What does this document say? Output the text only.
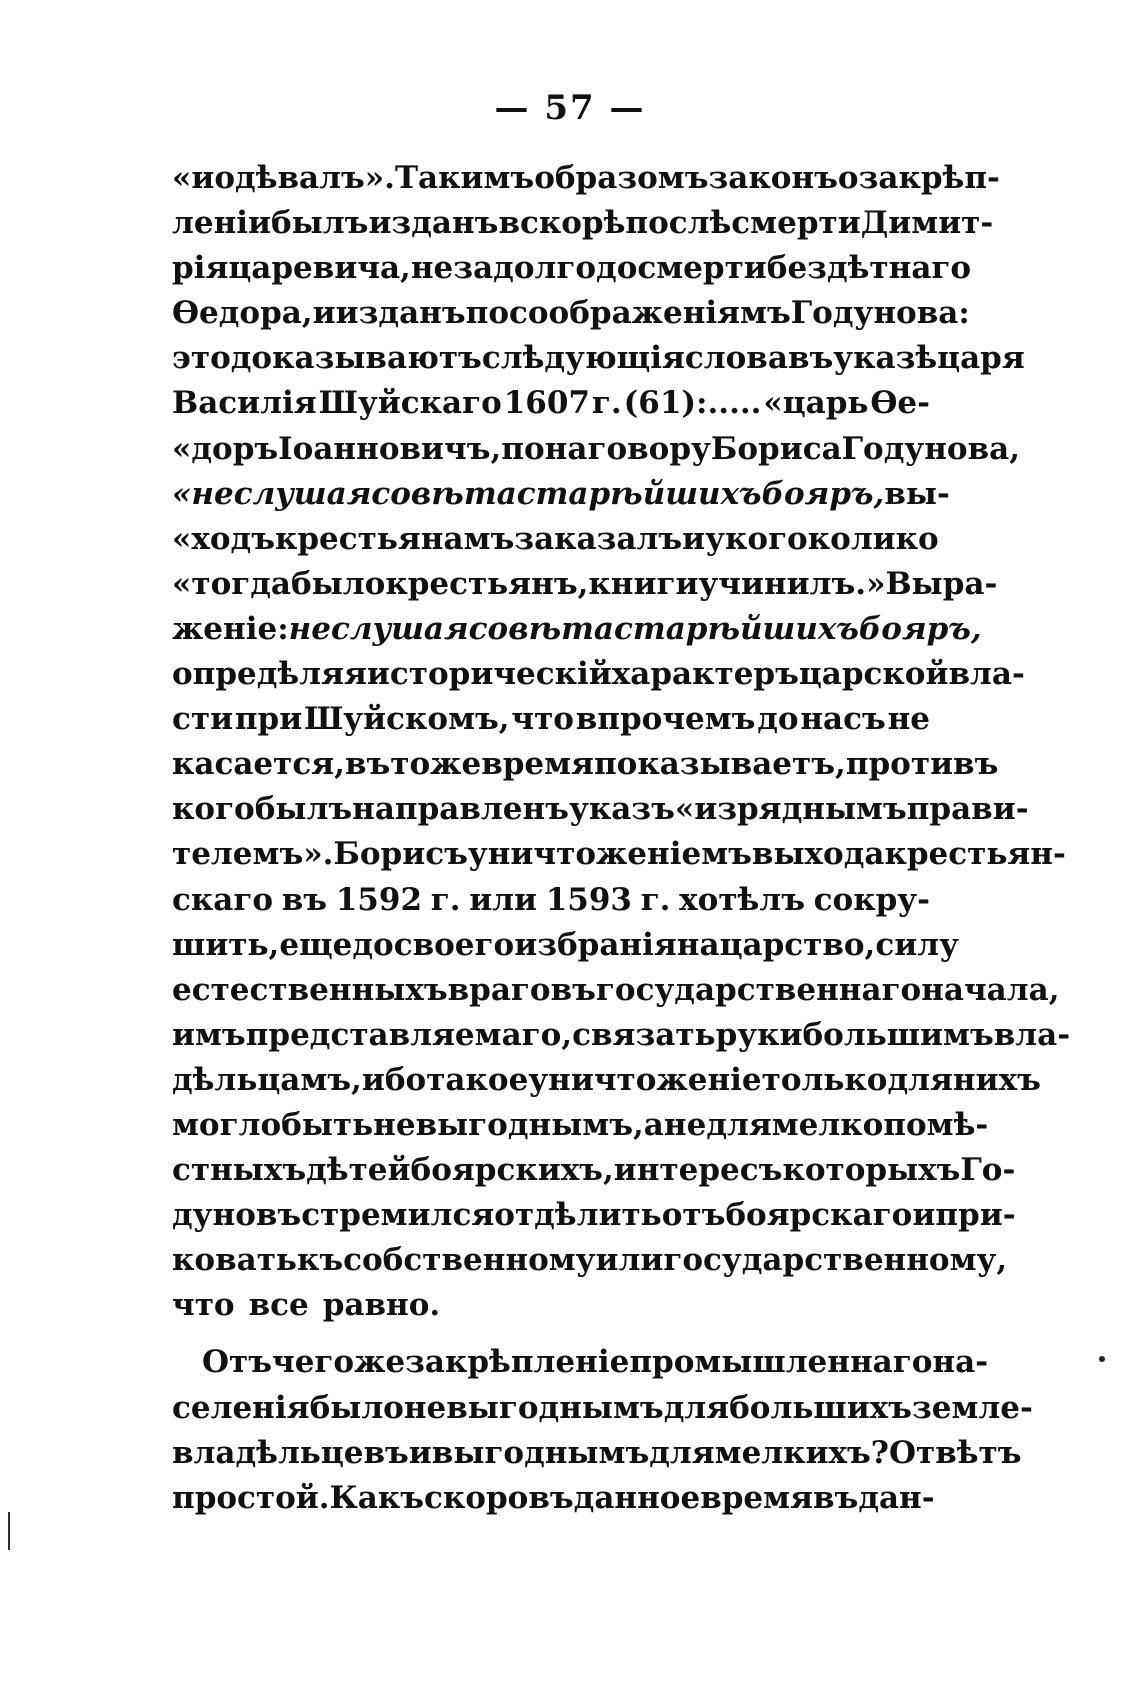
— 57 —
«и одѣвалъ». Такимъ образомъ законъ о закрѣп-
леніи былъ изданъ вскорѣ послѣ смерти Димит-
рія царевича, не задолго до смерти бездѣтнаго
Өедора, и изданъ по соображеніямъ Годунова:
это доказываютъ слѣдующія слова въ указѣ царя
Василія Шуйскаго 1607 г. (61):..... «царь Өе-
«доръ Іоанновичъ, по наговору Бориса Годунова,
«не слушая совѣта старѣйшихъ бояръ, вы-
«ходъ крестьянамъ заказалъ и у кого колико
«тогда было крестьянъ, книги учинилъ.» Выра-
женіе: не слушая совѣта старѣйшихъ бояръ,
опредѣляя историческій характеръ царской вла-
сти при Шуйскомъ, что впрочемъ до насъ не
касается, въ то же время показываетъ, противъ
кого былъ направленъ указъ «изряднымъ прави-
телемъ». Борисъ уничтоженіемъ выхода крестьян-
скаго въ 1592 г. или 1593 г. хотѣлъ сокру-
шить, еще до своего избранія на царство, силу
естественныхъ враговъ государственнаго начала,
имъ представляемаго, связать руки большимъ вла-
дѣльцамъ, ибо такое уничтоженіе только для нихъ
могло быть невыгоднымъ, а не для мелкопомѣ-
стныхъ дѣтей боярскихъ, интересъ которыхъ Го-
дуновъ стремился отдѣлить отъ боярскаго и при-
ковать къ собственному или государственному,
что все равно.
Отъ чего же закрѣпленіе промышленнаго на-
селенія было невыгоднымъ для большихъ земле-
владѣльцевъ и выгоднымъ для мелкихъ? Отвѣтъ
простой. Какъ скоро въ данное время въ дан-
